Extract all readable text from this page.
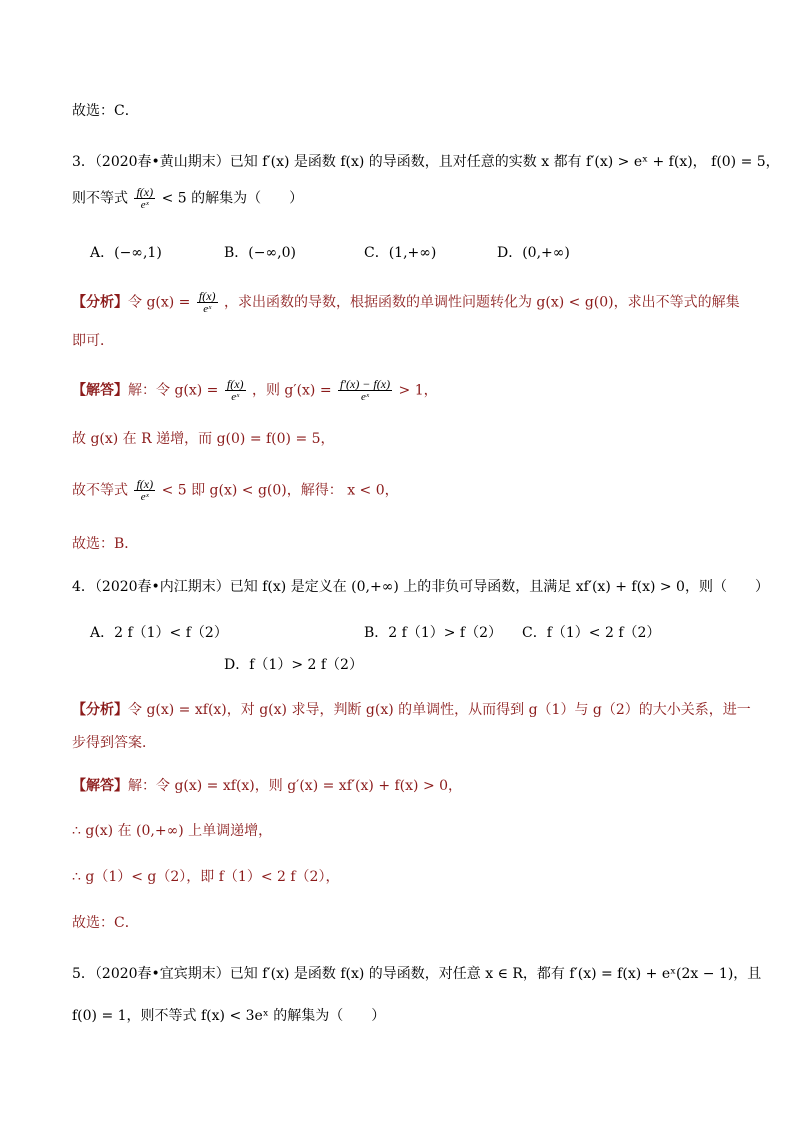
故选：C．
3．（2020春•黄山期末）已知 f′(x) 是函数 f(x) 的导函数，且对任意的实数 x 都有 f′(x) > eˣ + f(x)， f(0) = 5，
则不等式 $\frac{f(x)}{\text{eˣ}} < 5$ 的解集为（　　）
A．(−∞,1)	B．(−∞,0)	C．(1,+∞)	D．(0,+∞)
【分析】令 $g(x) = \frac{f(x)}{\text{eˣ}}$ ，求出函数的导数，根据函数的单调性问题转化为 g(x) < g(0)，求出不等式的解集
即可．
【解答】解：令 $g(x) = \frac{f(x)}{\text{eˣ}}$ ，则 $g'(x) = \frac{f'(x) - f(x)}{\text{eˣ}} > 1$，
故 g(x) 在 R 递增，而 g(0) = f(0) = 5，
故不等式 $\frac{f(x)}{\text{eˣ}} < 5$ 即 g(x) < g(0)，解得： x < 0，
故选：B．
4．（2020春•内江期末）已知 f(x) 是定义在 (0,+∞) 上的非负可导函数，且满足 xf′(x) + f(x) > 0，则（　　）
A．2 f（1）< f（2）	B．2 f（1）> f（2） C．f（1）< 2 f（2）
D．f（1）> 2 f（2）
【分析】令 g(x) = xf(x)，对 g(x) 求导，判断 g(x) 的单调性，从而得到 g（1）与 g（2）的大小关系，进一
步得到答案．
【解答】解：令 g(x) = xf(x)，则 g′(x) = xf′(x) + f(x) > 0，
∴ g(x) 在 (0,+∞) 上单调递增，
∴ g（1）< g（2），即 f（1）< 2 f（2），
故选：C．
5．（2020春•宜宾期末）已知 f′(x) 是函数 f(x) 的导函数，对任意 x ∈ R，都有 f′(x) = f(x) + eˣ(2x − 1)，且
f(0) = 1，则不等式 f(x) < 3eˣ 的解集为（　　）
